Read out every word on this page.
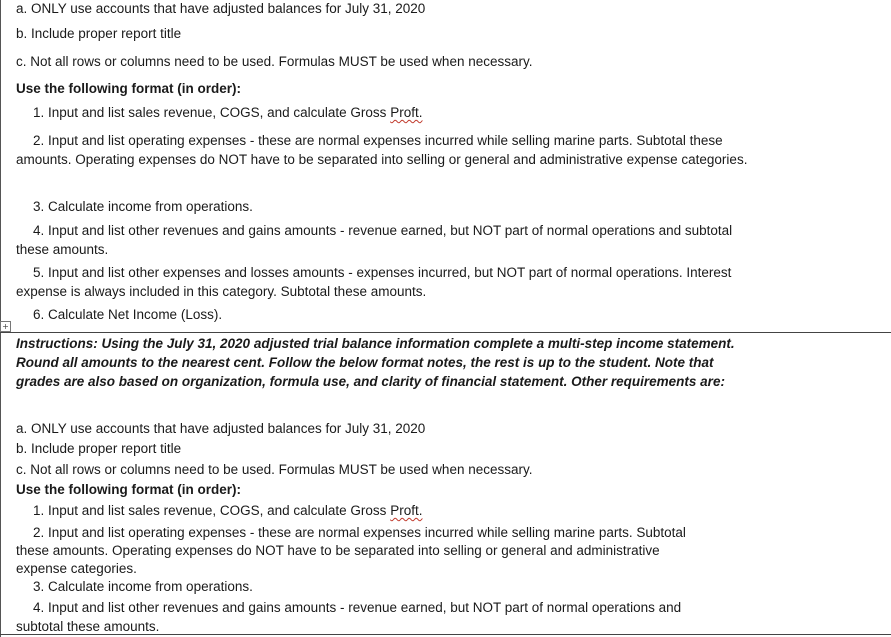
+
a. ONLY use accounts that have adjusted balances for July 31, 2020
b. Include proper report title
c. Not all rows or columns need to be used. Formulas MUST be used when necessary.
Use the following format (in order):
1. Input and list sales revenue, COGS, and calculate Gross Proft.
2. Input and list operating expenses - these are normal expenses incurred while selling marine parts. Subtotal these
amounts. Operating expenses do NOT have to be separated into selling or general and administrative expense categories.
3. Calculate income from operations.
4. Input and list other revenues and gains amounts - revenue earned, but NOT part of normal operations and subtotal
these amounts.
5. Input and list other expenses and losses amounts - expenses incurred, but NOT part of normal operations. Interest
expense is always included in this category. Subtotal these amounts.
6. Calculate Net Income (Loss).
Instructions: Using the July 31, 2020 adjusted trial balance information complete a multi-step income statement.
Round all amounts to the nearest cent. Follow the below format notes, the rest is up to the student. Note that
grades are also based on organization, formula use, and clarity of financial statement. Other requirements are:
a. ONLY use accounts that have adjusted balances for July 31, 2020
b. Include proper report title
c. Not all rows or columns need to be used. Formulas MUST be used when necessary.
Use the following format (in order):
1. Input and list sales revenue, COGS, and calculate Gross Proft.
2. Input and list operating expenses - these are normal expenses incurred while selling marine parts. Subtotal
these amounts. Operating expenses do NOT have to be separated into selling or general and administrative
expense categories.
3. Calculate income from operations.
4. Input and list other revenues and gains amounts - revenue earned, but NOT part of normal operations and
subtotal these amounts.
